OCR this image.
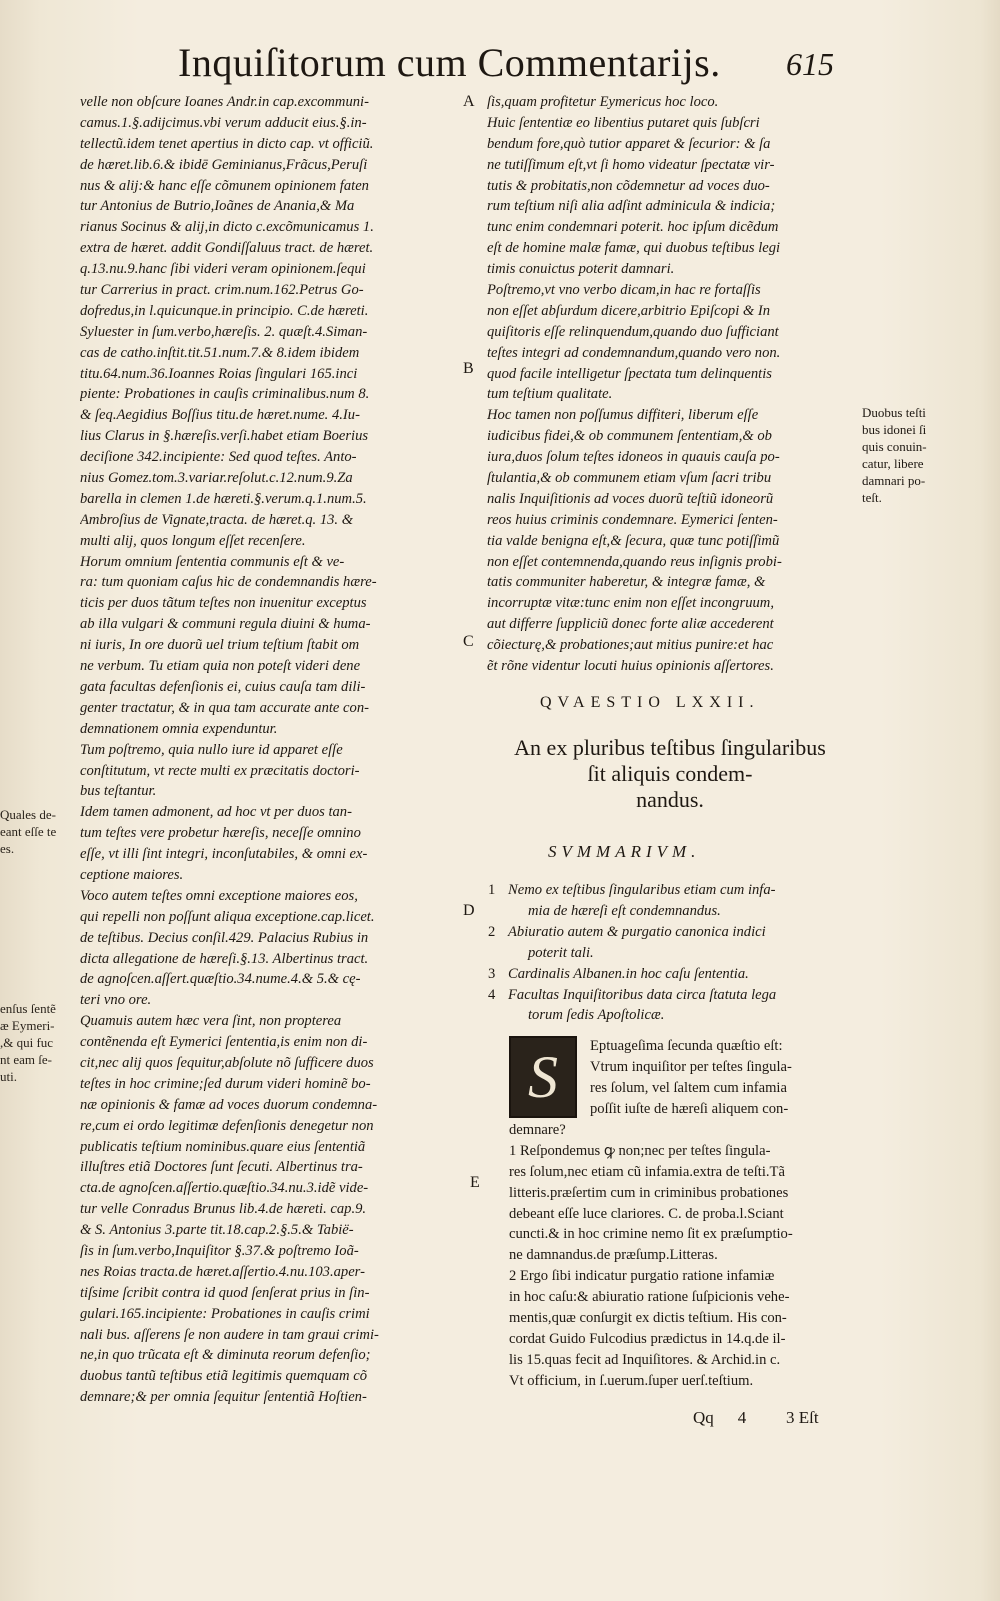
Inquiſitorum cum Commentarijs.	615
velle non obſcure Ioanes Andr.in cap.excommuni-
camus.1.§.adijcimus.vbi verum adducit eius.§.in-
tellectũ.idem tenet apertius in dicto cap. vt officiũ.
de hæret.lib.6.& ibidē Geminianus,Frãcus,Peruſi
nus & alij:& hanc eſſe cõmunem opinionem faten
tur Antonius de Butrio,Ioãnes de Anania,& Ma
rianus Socinus & alij,in dicto c.excõmunicamus 1.
extra de hæret. addit Gondiſſaluus tract. de hæret.
q.13.nu.9.hanc ſibi videri veram opinionem.ſequi
tur Carrerius in pract. crim.num.162.Petrus Go-
dofredus,in l.quicunque.in principio. C.de hæreti.
Syluester in ſum.verbo,hæreſis. 2. quæſt.4.Siman-
cas de catho.inſtit.tit.51.num.7.& 8.idem ibidem
titu.64.num.36.Ioannes Roias ſingulari 165.inci
piente: Probationes in cauſis criminalibus.num 8.
& ſeq.Aegidius Boſſius titu.de hæret.nume. 4.Iu-
lius Clarus in §.hæreſis.verſi.habet etiam Boerius
deciſione 342.incipiente: Sed quod teſtes. Anto-
nius Gomez.tom.3.variar.reſolut.c.12.num.9.Za
barella in clemen 1.de hæreti.§.verum.q.1.num.5.
Ambroſius de Vignate,tracta. de hæret.q. 13. &
multi alij, quos longum eſſet recenſere.
Horum omnium ſententia communis eſt & ve-
ra: tum quoniam caſus hic de condemnandis hære-
ticis per duos tãtum teſtes non inuenitur exceptus
ab illa vulgari & communi regula diuini & huma-
ni iuris, In ore duorũ uel trium teſtium ſtabit om
ne verbum. Tu etiam quia non poteſt videri dene
gata facultas defenſionis ei, cuius cauſa tam dili-
genter tractatur, & in qua tam accurate ante con-
demnationem omnia expenduntur.
Tum poſtremo, quia nullo iure id apparet eſſe
conſtitutum, vt recte multi ex præcitatis doctori-
bus teſtantur.
Idem tamen admonent, ad hoc vt per duos tan-
tum teſtes vere probetur hæreſis, neceſſe omnino
eſſe, vt illi ſint integri, inconſutabiles, & omni ex-
ceptione maiores.
Voco autem teſtes omni exceptione maiores eos,
qui repelli non poſſunt aliqua exceptione.cap.licet.
de teſtibus. Decius conſil.429. Palacius Rubius in
dicta allegatione de hæreſi.§.13. Albertinus tract.
de agnoſcen.aſſert.quæſtio.34.nume.4.& 5.& cę-
teri vno ore.
Quamuis autem hæc vera ſint, non propterea
contẽnenda eſt Eymerici ſententia,is enim non di-
cit,nec alij quos ſequitur,abſolute nõ ſufficere duos
teſtes in hoc crimine;ſed durum videri hominẽ bo-
næ opinionis & famæ ad voces duorum condemna-
re,cum ei ordo legitimæ defenſionis denegetur non
publicatis teſtium nominibus.quare eius ſententiã
illuſtres etiã Doctores ſunt ſecuti. Albertinus tra-
cta.de agnoſcen.aſſertio.quæſtio.34.nu.3.idẽ vide-
tur velle Conradus Brunus lib.4.de hæreti. cap.9.
& S. Antonius 3.parte tit.18.cap.2.§.5.& Tabië-
ſis in ſum.verbo,Inquiſitor §.37.& poſtremo Ioã-
nes Roias tracta.de hæret.aſſertio.4.nu.103.aper-
tiſsime ſcribit contra id quod ſenſerat prius in ſin-
gulari.165.incipiente: Probationes in cauſis crimi
nali bus. aſſerens ſe non audere in tam graui crimi-
ne,in quo trũcata eſt & diminuta reorum defenſio;
duobus tantũ teſtibus etiã legitimis quemquam cõ
demnare;& per omnia ſequitur ſententiã Hoſtien-
ſis,quam profitetur Eymericus hoc loco.
Huic ſententiæ eo libentius putaret quis ſubſcri
bendum fore,quò tutior apparet & ſecurior: & ſa
ne tutiſſimum eſt,vt ſi homo videatur ſpectatæ vir-
tutis & probitatis,non cõdemnetur ad voces duo-
rum teſtium niſi alia adſint adminicula & indicia;
tunc enim condemnari poterit. hoc ipſum dicẽdum
eſt de homine malæ famæ, qui duobus teſtibus legi
timis conuictus poterit damnari.
Poſtremo,vt vno verbo dicam,in hac re fortaſſis
non eſſet abſurdum dicere,arbitrio Epiſcopi & In
quiſitoris eſſe relinquendum,quando duo ſufficiant
teſtes integri ad condemnandum,quando vero non.
quod facile intelligetur ſpectata tum delinquentis
tum teſtium qualitate.
Hoc tamen non poſſumus diffiteri, liberum eſſe
iudicibus fidei,& ob communem ſententiam,& ob
iura,duos ſolum teſtes idoneos in quauis cauſa po-
ſtulantia,& ob communem etiam vſum ſacri tribu
nalis Inquiſitionis ad voces duorũ teſtiũ idoneorũ
reos huius criminis condemnare. Eymerici ſenten-
tia valde benigna eſt,& ſecura, quæ tunc potiſſimũ
non eſſet contemnenda,quando reus inſignis probi-
tatis communiter haberetur, & integræ famæ, &
incorruptæ vitæ:tunc enim non eſſet incongruum,
aut differre ſuppliciũ donec forte aliæ accederent
cõiecturę,& probationes;aut mitius punire:et hac
ẽt rõne videntur locuti huius opinionis aſſertores.
A
B
C
D
E
Duobus teſti
bus idonei ſi
quis conuin-
catur, libere
damnari po-
teſt.
Quales de-
eant eſſe te
es.
enſus ſentẽ
æ Eymeri-
,& qui fuc
nt eam ſe-
uti.
QVAESTIO LXXII.
An ex pluribus teſtibus ſingularibus
ſit aliquis condem-
nandus.
SVMMARIVM.
1 Nemo ex teſtibus ſingularibus etiam cum infa-
mia de hæreſi eſt condemnandus.
2 Abiuratio autem & purgatio canonica indici
poterit tali.
3 Cardinalis Albanen.in hoc caſu ſententia.
4 Facultas Inquiſitoribus data circa ſtatuta lega
torum ſedis Apoſtolicæ.
S	Eptuageſima ſecunda quæſtio eſt:
Vtrum inquiſitor per teſtes ſingula-
res ſolum, vel ſaltem cum infamia
poſſit iuſte de hæreſi aliquem con-
demnare?
1 Reſpondemus ꝙ non;nec per teſtes ſingula-
res ſolum,nec etiam cũ infamia.extra de teſti.Tã
litteris.præſertim cum in criminibus probationes
debeant eſſe luce clariores. C. de proba.l.Sciant
cuncti.& in hoc crimine nemo ſit ex præſumptio-
ne damnandus.de præſump.Litteras.
2 Ergo ſibi indicatur purgatio ratione infamiæ
in hoc caſu:& abiuratio ratione ſuſpicionis vehe-
mentis,quæ conſurgit ex dictis teſtium. His con-
cordat Guido Fulcodius prædictus in 14.q.de il-
lis 15.quas fecit ad Inquiſitores. & Archid.in c.
Vt officium, in ſ.uerum.ſuper uerſ.teſtium.
Qq 4 3 Eſt
